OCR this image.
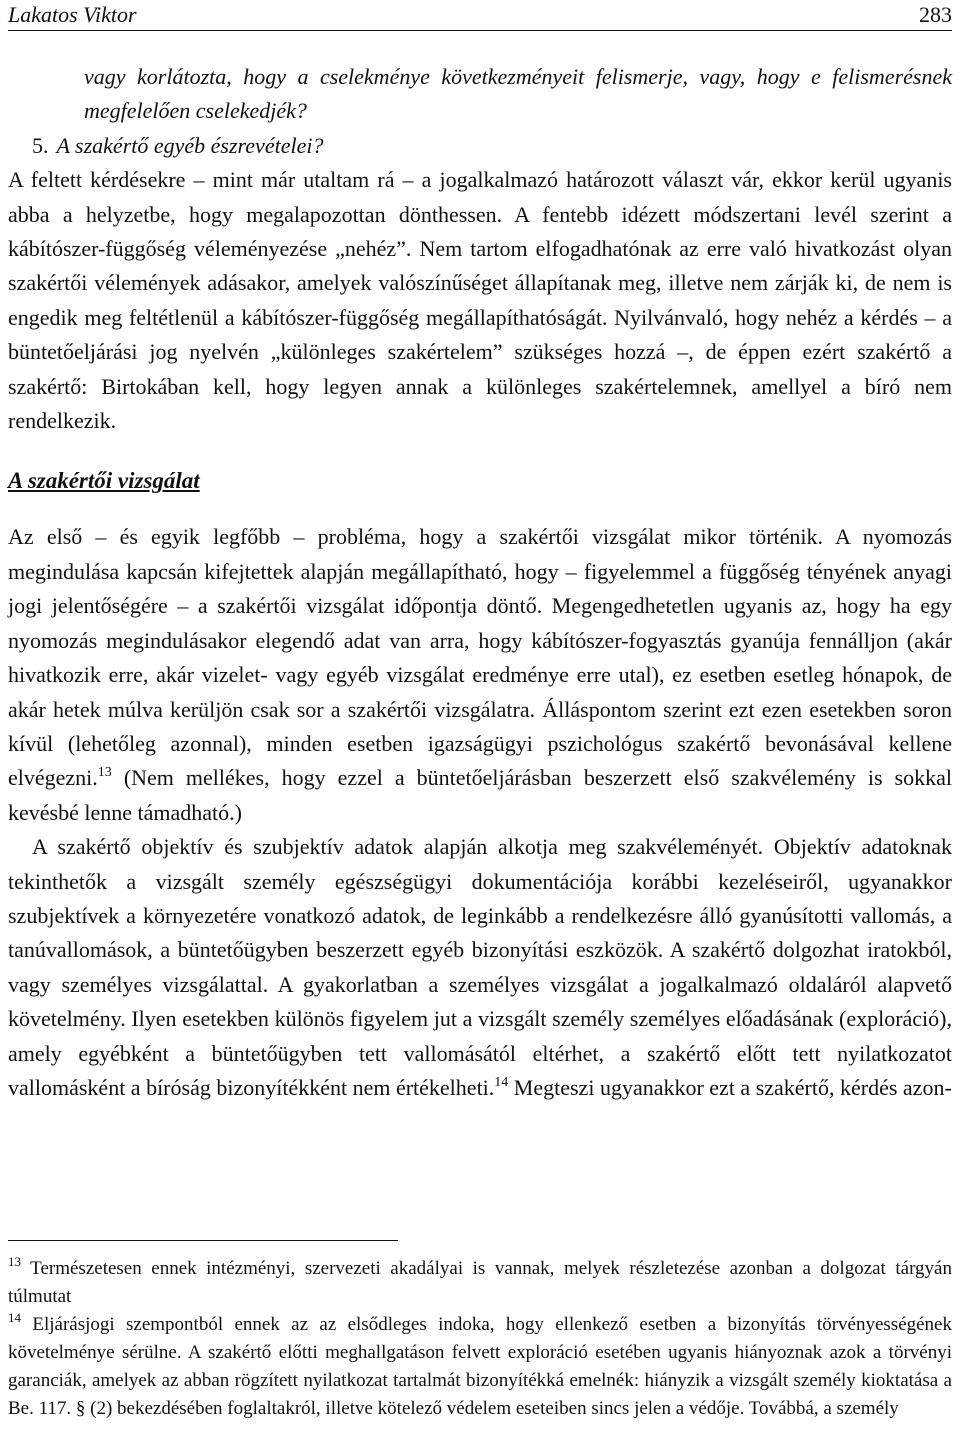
Lakatos Viktor	283

vagy korlátozta, hogy a cselekménye következményeit felismerje, vagy, hogy e felismerésnek megfelelően cselekedjék?

5. A szakértő egyéb észrevételei?

A feltett kérdésekre – mint már utaltam rá – a jogalkalmazó határozott választ vár, ekkor kerül ugyanis abba a helyzetbe, hogy megalapozottan dönthessen. A fentebb idézett módszertani levél szerint a kábítószer-függőség véleményezése „nehéz”. Nem tartom elfogadhatónak az erre való hivatkozást olyan szakértői vélemények adásakor, amelyek valószínűséget állapítanak meg, illetve nem zárják ki, de nem is engedik meg feltétlenül a kábítószer-függőség megállapíthatóságát. Nyilvánvaló, hogy nehéz a kérdés – a büntetőeljárási jog nyelvén „különleges szakértelem” szükséges hozzá –, de éppen ezért szakértő a szakértő: Birtokában kell, hogy legyen annak a különleges szakértelemnek, amellyel a bíró nem rendelkezik.

A szakértői vizsgálat

Az első – és egyik legfőbb – probléma, hogy a szakértői vizsgálat mikor történik. A nyomozás megindulása kapcsán kifejtettek alapján megállapítható, hogy – figyelemmel a függőség tényének anyagi jogi jelentőségére – a szakértői vizsgálat időpontja döntő. Megengedhetetlen ugyanis az, hogy ha egy nyomozás megindulásakor elegendő adat van arra, hogy kábítószer-fogyasztás gyanúja fennálljon (akár hivatkozik erre, akár vizelet- vagy egyéb vizsgálat eredménye erre utal), ez esetben esetleg hónapok, de akár hetek múlva kerüljön csak sor a szakértői vizsgálatra. Álláspontom szerint ezt ezen esetekben soron kívül (lehetőleg azonnal), minden esetben igazságügyi pszichológus szakértő bevonásával kellene elvégezni.$^{13}$ (Nem mellékes, hogy ezzel a büntetőeljárásban beszerzett első szakvélemény is sokkal kevésbé lenne támadható.)

A szakértő objektív és szubjektív adatok alapján alkotja meg szakvéleményét. Objektív adatoknak tekinthetők a vizsgált személy egészségügyi dokumentációja korábbi kezeléseiről, ugyanakkor szubjektívek a környezetére vonatkozó adatok, de leginkább a rendelkezésre álló gyanúsítotti vallomás, a tanúvallomások, a büntetőügyben beszerzett egyéb bizonyítási eszközök. A szakértő dolgozhat iratokból, vagy személyes vizsgálattal. A gyakorlatban a személyes vizsgálat a jogalkalmazó oldaláról alapvető követelmény. Ilyen esetekben különös figyelem jut a vizsgált személy személyes előadásának (exploráció), amely egyébként a büntetőügyben tett vallomásától eltérhet, a szakértő előtt tett nyilatkozatot vallomásként a bíróság bizonyítékként nem értékelheti.$^{14}$ Megteszi ugyanakkor ezt a szakértő, kérdés azon-

$^{13}$ Természetesen ennek intézményi, szervezeti akadályai is vannak, melyek részletezése azonban a dolgozat tárgyán túlmutat

$^{14}$ Eljárásjogi szempontból ennek az az elsődleges indoka, hogy ellenkező esetben a bizonyítás törvényességének követelménye sérülne. A szakértő előtti meghallgatáson felvett exploráció esetében ugyanis hiányoznak azok a törvényi garanciák, amelyek az abban rögzített nyilatkozat tartalmát bizonyítékká emelnék: hiányzik a vizsgált személy kioktatása a Be. 117. § (2) bekezdésében foglaltakról, illetve kötelező védelem eseteiben sincs jelen a védője. Továbbá, a személy
